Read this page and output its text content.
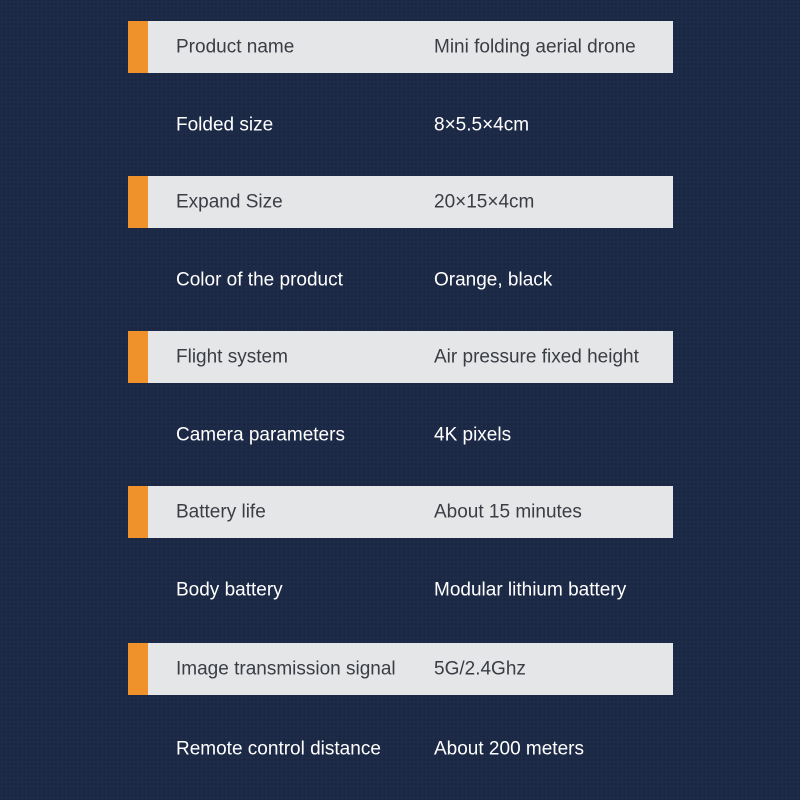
Product name	Mini folding aerial drone
Folded size	8×5.5×4cm
Expand Size	20×15×4cm
Color of the product	Orange, black
Flight system	Air pressure fixed height
Camera parameters	4K pixels
Battery life	About 15 minutes
Body battery	Modular lithium battery
Image transmission signal	5G/2.4Ghz
Remote control distance	About 200 meters
